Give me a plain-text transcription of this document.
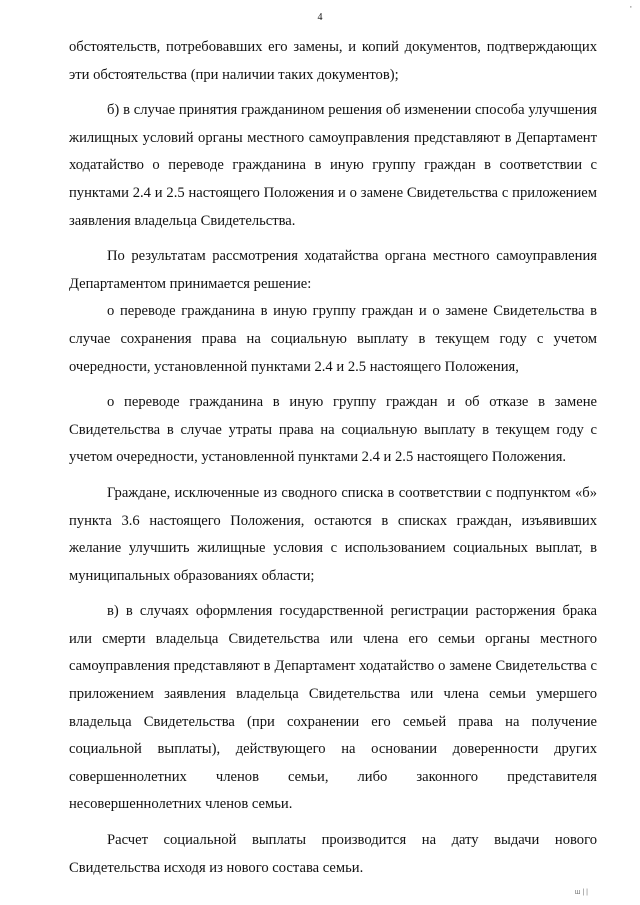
,
4

обстоятельств, потребовавших его замены, и копий документов, подтверждающих эти обстоятельства (при наличии таких документов);

б) в случае принятия гражданином решения об изменении способа улучшения жилищных условий органы местного самоуправления представляют в Департамент ходатайство о переводе гражданина в иную группу граждан в соответствии с пунктами 2.4 и 2.5 настоящего Положения и о замене Свидетельства с приложением заявления владельца Свидетельства.

По результатам рассмотрения ходатайства органа местного самоуправления Департаментом принимается решение:

о переводе гражданина в иную группу граждан и о замене Свидетельства в случае сохранения права на социальную выплату в текущем году с учетом очередности, установленной пунктами 2.4 и 2.5 настоящего Положения,

о переводе гражданина в иную группу граждан и об отказе в замене Свидетельства в случае утраты права на социальную выплату в текущем году с учетом очередности, установленной пунктами 2.4 и 2.5 настоящего Положения.

Граждане, исключенные из сводного списка в соответствии с подпунктом «б» пункта 3.6 настоящего Положения, остаются в списках граждан, изъявивших желание улучшить жилищные условия с использованием социальных выплат, в муниципальных образованиях области;

в) в случаях оформления государственной регистрации расторжения брака или смерти владельца Свидетельства или члена его семьи органы местного самоуправления представляют в Департамент ходатайство о замене Свидетельства с приложением заявления владельца Свидетельства или члена семьи умершего владельца Свидетельства (при сохранении его семьей права на получение социальной выплаты), действующего на основании доверенности других совершеннолетних членов семьи, либо законного представителя несовершеннолетних членов семьи.

Расчет социальной выплаты производится на дату выдачи нового Свидетельства исходя из нового состава семьи.

ш | |
